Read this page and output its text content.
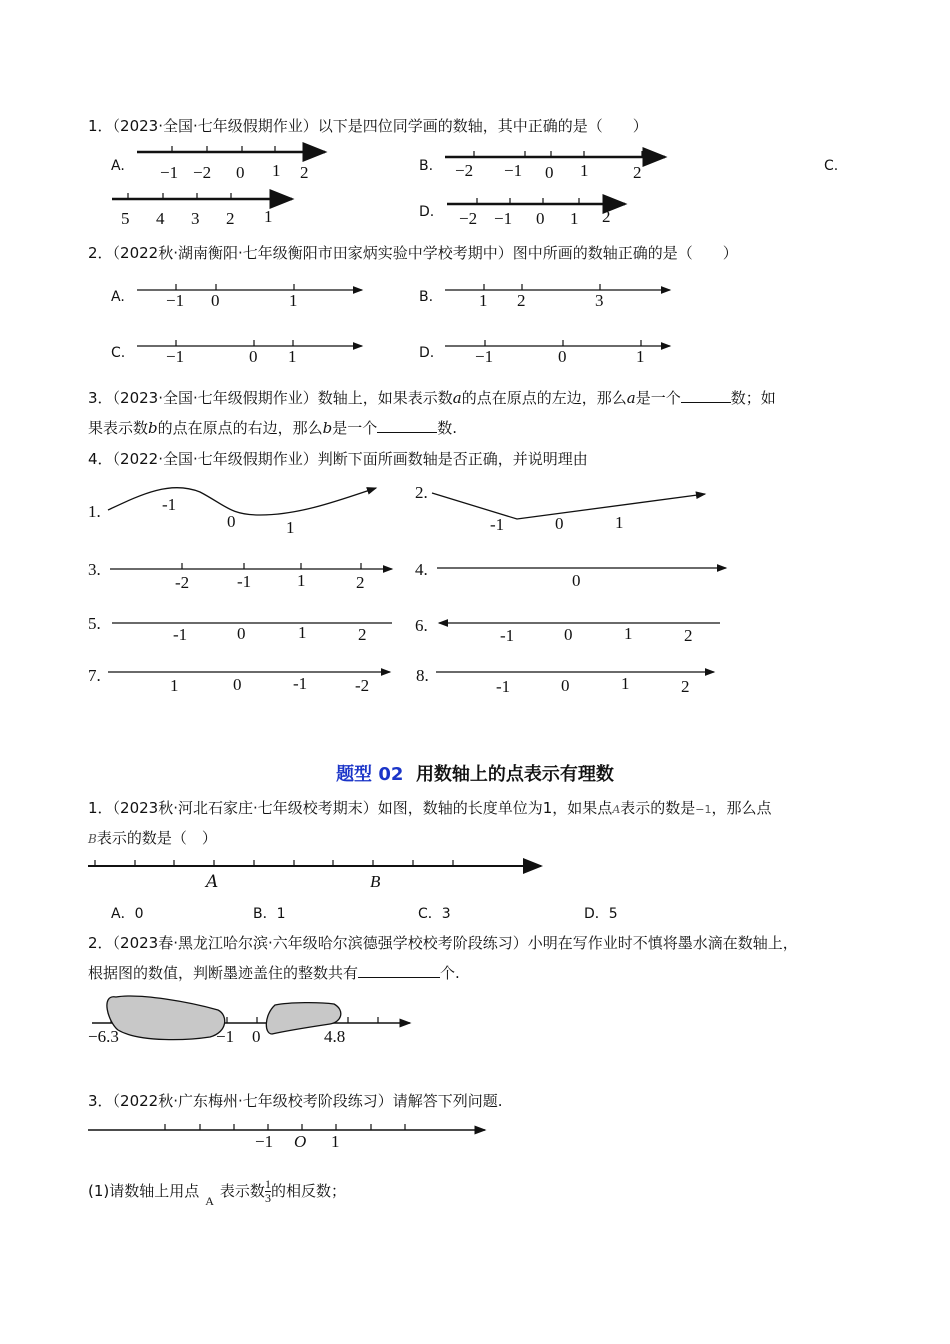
−1 −2 0 1 2	−2 −1 0 1	2
5 4 3 2 1	−2 −1 0 1 2
−1 0	1	1 2	3
−1	0 1	−1	0	1
1.	-1
0	1
2.
-1	0	1
3.
-2	-1	1	2
4.
0
5.
-1	0	1	2	6.
-1	0	1	2
7.
1	0	-1	-2
8.
-1	0	1	2
A	B
−6.3	−1 0	4.8
−1 O 1
1．（2023·全国·七年级假期作业）以下是四位同学画的数轴，其中正确的是（　　）
A.	B.	C.
D.
2．（2022秋·湖南衡阳·七年级衡阳市田家炳实验中学校考期中）图中所画的数轴正确的是（　　）
A.	B.
C.	D.
3．（2023·全国·七年级假期作业）数轴上，如果表示数a的点在原点的左边，那么a是一个	数；如
果表示数b的点在原点的右边，那么b是一个	数.
4．（2022·全国·七年级假期作业）判断下面所画数轴是否正确，并说明理由
题型 02 用数轴上的点表示有理数
1．（2023秋·河北石家庄·七年级校考期末）如图，数轴的长度单位为1，如果点A表示的数是−1，那么点
B表示的数是（　）
A．0	B．1	C．3	D．5
2．（2023春·黑龙江哈尔滨·六年级哈尔滨德强学校校考阶段练习）小明在写作业时不慎将墨水滴在数轴上，
根据图的数值，判断墨迹盖住的整数共有	个.
3．（2022秋·广东梅州·七年级校考阶段练习）请解答下列问题.
(1)请数轴上用点$_A$表示数 $\frac{1}{3}$ 的相反数；
